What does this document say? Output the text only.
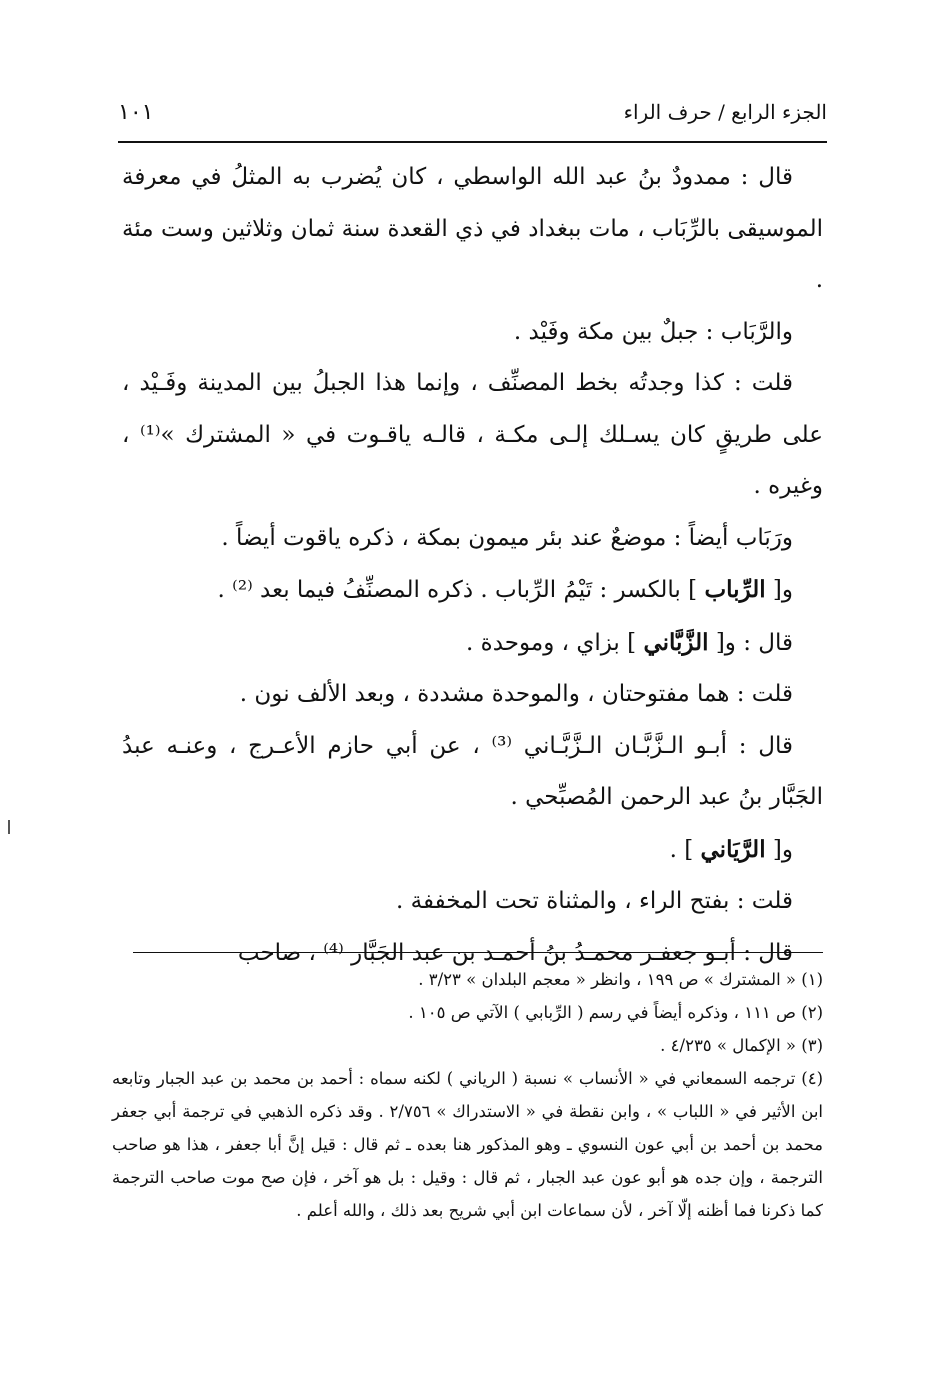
الجزء الرابع / حرف الراء
١٠١

قال : ممدودٌ بنُ عبد الله الواسطي ، كان يُضرب به المثلُ في معرفة الموسيقى بالرِّبَاب ، مات ببغداد في ذي القعدة سنة ثمان وثلاثين وست مئة .

والرَّبَاب : جبلٌ بين مكة وفَيْد .

قلت : كذا وجدتُه بخط المصنِّف ، وإنما هذا الجبلُ بين المدينة وفَـيْد ، على طريقٍ كان يسـلك إلـى مكـة ، قالـه ياقـوت في « المشترك »⁽¹⁾ ، وغيره .

ورَبَاب أيضاً : موضعٌ عند بئر ميمون بمكة ، ذكره ياقوت أيضاً .

و[ الرِّباب ] بالكسر : تَيْمُ الرِّباب . ذكره المصنِّفُ فيما بعد ⁽²⁾ .

قال : و[ الزَّبَّاني ] بزاي ، وموحدة .

قلت : هما مفتوحتان ، والموحدة مشددة ، وبعد الألف نون .

قال : أبـو الـزَّبَّـان الـزَّبَّـاني ⁽³⁾ ، عن أبي حازم الأعـرج ، وعنـه عبدُ الجَبَّار بنُ عبد الرحمن المُصبِّحي .

و[ الرَّيَاني ] .

قلت : بفتح الراء ، والمثناة تحت المخففة .

قال : أبـو جعفـر محمـدُ بنُ أحمـد بن عبد الجَبَّار ⁽⁴⁾ ، صاحب

(١) « المشترك » ص ١٩٩ ، وانظر « معجم البلدان » ٣/٢٣ .

(٢) ص ١١١ ، وذكره أيضاً في رسم ( الرِّبابي ) الآتي ص ١٠٥ .

(٣) « الإكمال » ٤/٢٣٥ .

(٤) ترجمه السمعاني في « الأنساب » نسبة ( الرياني ) لكنه سماه : أحمد بن محمد بن عبد الجبار وتابعه ابن الأثير في « اللباب » ، وابن نقطة في « الاستدراك » ٢/٧٥٦ . وقد ذكره الذهبي في ترجمة أبي جعفر محمد بن أحمد بن أبي عون النسوي ـ وهو المذكور هنا بعده ـ ثم قال : قيل إنَّ أبا جعفر ، هذا هو صاحب الترجمة ، وإن جده هو أبو عون عبد الجبار ، ثم قال : وقيل : بل هو آخر ، فإن صح موت صاحب الترجمة كما ذكرنا فما أظنه إلّا آخر ، لأن سماعات ابن أبي شريح بعد ذلك ، والله أعلم .
